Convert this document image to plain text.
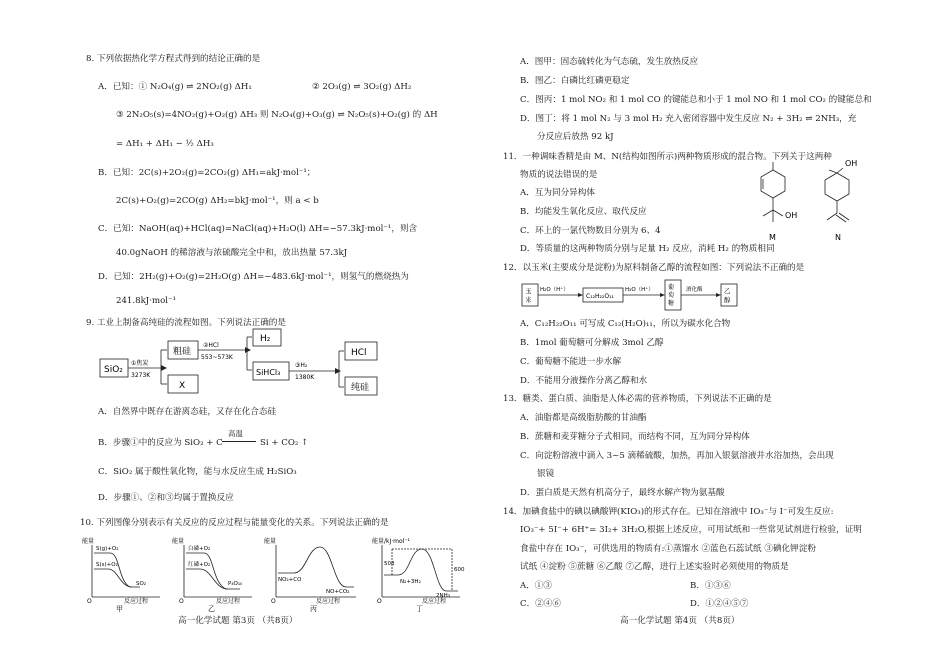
8. 下列依据热化学方程式得到的结论正确的是
A．已知：① N₂O₄(g) ⇌ 2NO₂(g) ΔH₁	② 2O₃(g) ⇌ 3O₂(g) ΔH₂
③ 2N₂O₅(s)=4NO₂(g)+O₂(g) ΔH₃ 则 N₂O₄(g)+O₃(g) ⇌ N₂O₅(s)+O₂(g) 的 ΔH
= ΔH₁ + ΔH₁ − ½ ΔH₃
B．已知：2C(s)+2O₂(g)=2CO₂(g) ΔH₁=akJ·mol⁻¹；
2C(s)+O₂(g)=2CO(g) ΔH₂=bkJ·mol⁻¹，则 a < b
C．已知：NaOH(aq)+HCl(aq)=NaCl(aq)+H₂O(l) ΔH=−57.3kJ·mol⁻¹，则含
40.0gNaOH 的稀溶液与浓硫酸完全中和，放出热量 57.3kJ
D．已知：2H₂(g)+O₂(g)=2H₂O(g) ΔH=−483.6kJ·mol⁻¹，则氢气的燃烧热为
241.8kJ·mol⁻¹
9. 工业上制备高纯硅的流程如图。下列说法正确的是
SiO₂
①焦炭
3273K
粗硅
X
②HCl
553~573K
H₂
SiHCl₃
③H₂
1380K
HCl
纯硅
A．自然界中既存在游离态硅，又存在化合态硅
B．步骤①中的反应为 SiO₂ + C
高温
Si + CO₂ ↑
C．SiO₂ 属于酸性氧化物，能与水反应生成 H₂SiO₃
D．步骤①、②和③均属于置换反应
10. 下列图像分别表示有关反应的反应过程与能量变化的关系。下列说法正确的是
能量
O	反应过程
S(g)+O₂
S(s)+O₂
SO₂
甲
能量
O	反应过程
白磷+O₂
红磷+O₂
P₄O₁₀
乙
能量
O	反应过程
NO₂+CO
NO+CO₂
丙
能量/kJ·mol⁻¹
O	反应过程
508
600
N₂+3H₂
2NH₃
丁
高一化学试题 第3页 （共8页）
A．图甲：固态硫转化为气态硫，发生放热反应
B．图乙：白磷比红磷更稳定
C．图丙：1 mol NO₂ 和 1 mol CO 的键能总和小于 1 mol NO 和 1 mol CO₂ 的键能总和
D．图丁：将 1 mol N₂ 与 3 mol H₂ 充入密闭容器中发生反应 N₂ + 3H₂ ⇌ 2NH₃，充
分反应后放热 92 kJ
11．一种调味香精是由 M、N(结构如图所示)两种物质形成的混合物。下列关于这两种
物质的说法错误的是
A．互为同分异构体
B．均能发生氧化反应、取代反应
C．环上的一氯代物数目分别为 6、4
D．等质量的这两种物质分别与足量 H₂ 反应，消耗 H₂ 的物质相同
OH
M
OH
N
12．以玉米(主要成分是淀粉)为原料制备乙醇的流程如图：下列说法不正确的是
玉
米
H₂O（H⁺）
C₁₂H₂₂O₁₁
H₂O（H⁺） 葡
萄
糖
酒化酶	乙
醇
A．C₁₂H₂₂O₁₁ 可写成 C₁₂(H₂O)₁₁，所以为碳水化合物
B．1mol 葡萄糖可分解成 3mol 乙醇
C．葡萄糖不能进一步水解
D．不能用分液操作分离乙醇和水
13．糖类、蛋白质、油脂是人体必需的营养物质，下列说法不正确的是
A．油脂都是高级脂肪酸的甘油酯
B．蔗糖和麦芽糖分子式相同，而结构不同，互为同分异构体
C．向淀粉溶液中滴入 3~5 滴稀硫酸，加热，再加入银氨溶液并水浴加热，会出现
银镜
D．蛋白质是天然有机高分子，最终水解产物为氨基酸
14．加碘食盐中的碘以碘酸钾(KIO₃)的形式存在。已知在溶液中 IO₃⁻与 I⁻可发生反应:
IO₃⁻+ 5I⁻+ 6H⁺= 3I₂+ 3H₂O,根据上述反应，可用试纸和一些常见试剂进行检验，证明
食盐中存在 IO₃⁻，可供选用的物质有:①蒸馏水 ②蓝色石蕊试纸 ③碘化钾淀粉
试纸 ④淀粉 ⑤蔗糖 ⑥乙酸 ⑦乙醇，进行上述实验时必须使用的物质是
A．①③	B．①③⑥
C．②④⑥	D．①②④⑤⑦
高一化学试题 第4页 （共8页）
